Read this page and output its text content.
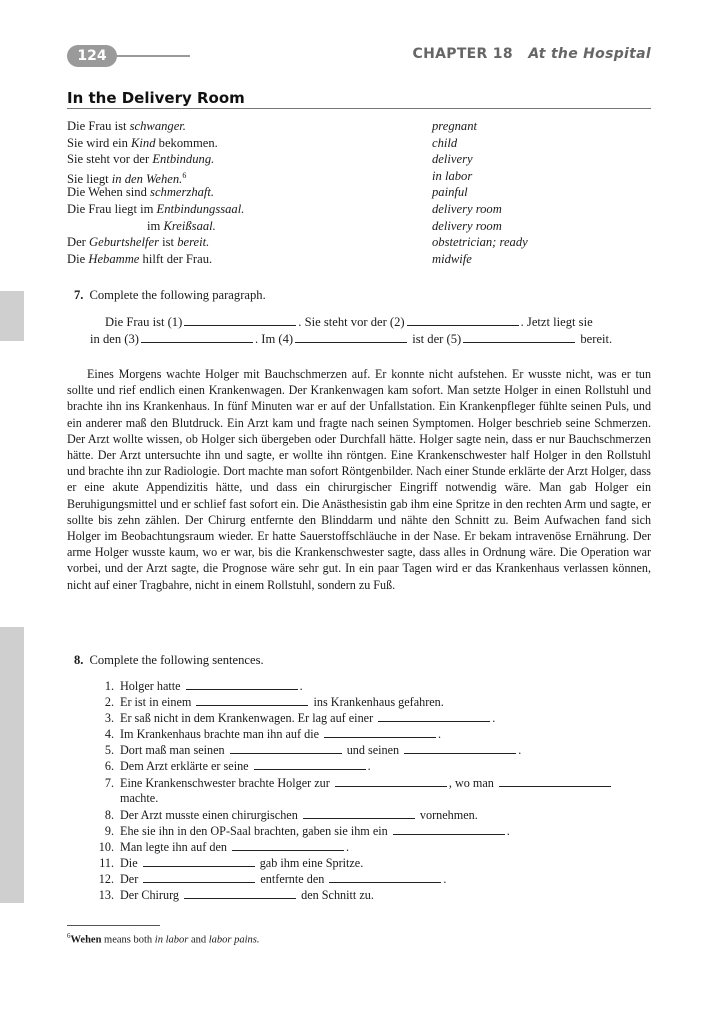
124	CHAPTER 18 At the Hospital
In the Delivery Room
Die Frau ist schwanger.	pregnant
Sie wird ein Kind bekommen.	child
Sie steht vor der Entbindung.	delivery
Sie liegt in den Wehen.$^6$	in labor
Die Wehen sind schmerzhaft.	painful
Die Frau liegt im Entbindungssaal.	delivery room
im Kreißsaal.	delivery room
Der Geburtshelfer ist bereit.	obstetrician; ready
Die Hebamme hilft der Frau.	midwife
7. Complete the following paragraph.
Die Frau ist (1)	. Sie steht vor der (2)	. Jetzt liegt sie
in den (3)	. Im (4)	ist der (5)	bereit.

Eines Morgens wachte Holger mit Bauchschmerzen auf. Er konnte nicht aufstehen. Er wusste nicht, was er tun sollte und rief endlich einen Krankenwagen. Der Krankenwagen kam sofort. Man setzte Holger in einen Rollstuhl und brachte ihn ins Krankenhaus. In fünf Minuten war er auf der Unfallstation. Ein Krankenpfleger fühlte seinen Puls, und ein anderer maß den Blutdruck. Ein Arzt kam und fragte nach seinen Symptomen. Holger beschrieb seine Schmerzen. Der Arzt wollte wissen, ob Holger sich übergeben oder Durchfall hätte. Holger sagte nein, dass er nur Bauchschmerzen hätte. Der Arzt untersuchte ihn und sagte, er wollte ihn röntgen. Eine Krankenschwester half Holger in den Rollstuhl und brachte ihn zur Radiologie. Dort machte man sofort Röntgenbilder. Nach einer Stunde erklärte der Arzt Holger, dass er eine akute Appendizitis hätte, und dass ein chirurgischer Eingriff notwendig wäre. Man gab Holger ein Beruhigungsmittel und er schlief fast sofort ein. Die Anästhesistin gab ihm eine Spritze in den rechten Arm und sagte, er sollte bis zehn zählen. Der Chirurg entfernte den Blinddarm und nähte den Schnitt zu. Beim Aufwachen fand sich Holger im Beobachtungsraum wieder. Er hatte Sauerstoffschläuche in der Nase. Er bekam intravenöse Ernährung. Der arme Holger wusste kaum, wo er war, bis die Krankenschwester sagte, dass alles in Ordnung wäre. Die Operation war vorbei, und der Arzt sagte, die Prognose wäre sehr gut. In ein paar Tagen wird er das Krankenhaus verlassen können, nicht auf einer Tragbahre, nicht in einem Rollstuhl, sondern zu Fuß.

8. Complete the following sentences.
1. Holger hatte	.
2. Er ist in einem	ins Krankenhaus gefahren.
3. Er saß nicht in dem Krankenwagen. Er lag auf einer	.
4. Im Krankenhaus brachte man ihn auf die	.
5. Dort maß man seinen	und seinen	.
6. Dem Arzt erklärte er seine	.
7. Eine Krankenschwester brachte Holger zur	, wo man
machte.
8. Der Arzt musste einen chirurgischen	vornehmen.
9. Ehe sie ihn in den OP-Saal brachten, gaben sie ihm ein	.
10. Man legte ihn auf den	.
11. Die	gab ihm eine Spritze.
12. Der	entfernte den	.
13. Der Chirurg	den Schnitt zu.
$^6$Wehen means both in labor and labor pains.
